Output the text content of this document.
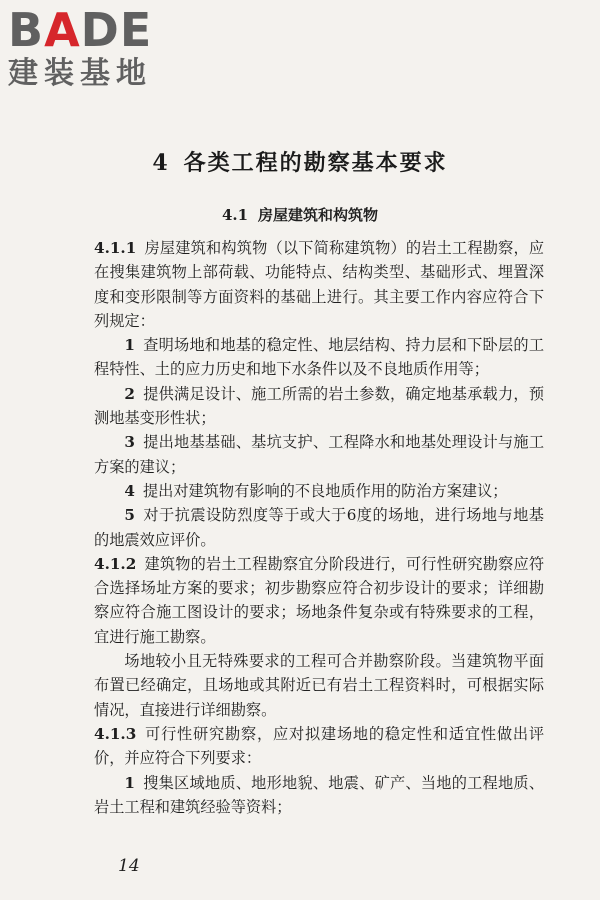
B A D E
建装基地
4 各类工程的勘察基本要求
4.1 房屋建筑和构筑物

4.1.1 房屋建筑和构筑物（以下简称建筑物）的岩土工程勘察，应在搜集建筑物上部荷载、功能特点、结构类型、基础形式、埋置深度和变形限制等方面资料的基础上进行。其主要工作内容应符合下列规定：

1 查明场地和地基的稳定性、地层结构、持力层和下卧层的工程特性、土的应力历史和地下水条件以及不良地质作用等；

2 提供满足设计、施工所需的岩土参数，确定地基承载力，预测地基变形性状；

3 提出地基基础、基坑支护、工程降水和地基处理设计与施工方案的建议；

4 提出对建筑物有影响的不良地质作用的防治方案建议；

5 对于抗震设防烈度等于或大于6度的场地，进行场地与地基的地震效应评价。

4.1.2 建筑物的岩土工程勘察宜分阶段进行，可行性研究勘察应符合选择场址方案的要求；初步勘察应符合初步设计的要求；详细勘察应符合施工图设计的要求；场地条件复杂或有特殊要求的工程，宜进行施工勘察。

场地较小且无特殊要求的工程可合并勘察阶段。当建筑物平面布置已经确定，且场地或其附近已有岩土工程资料时，可根据实际情况，直接进行详细勘察。

4.1.3 可行性研究勘察，应对拟建场地的稳定性和适宜性做出评价，并应符合下列要求：

1 搜集区域地质、地形地貌、地震、矿产、当地的工程地质、岩土工程和建筑经验等资料；

14
